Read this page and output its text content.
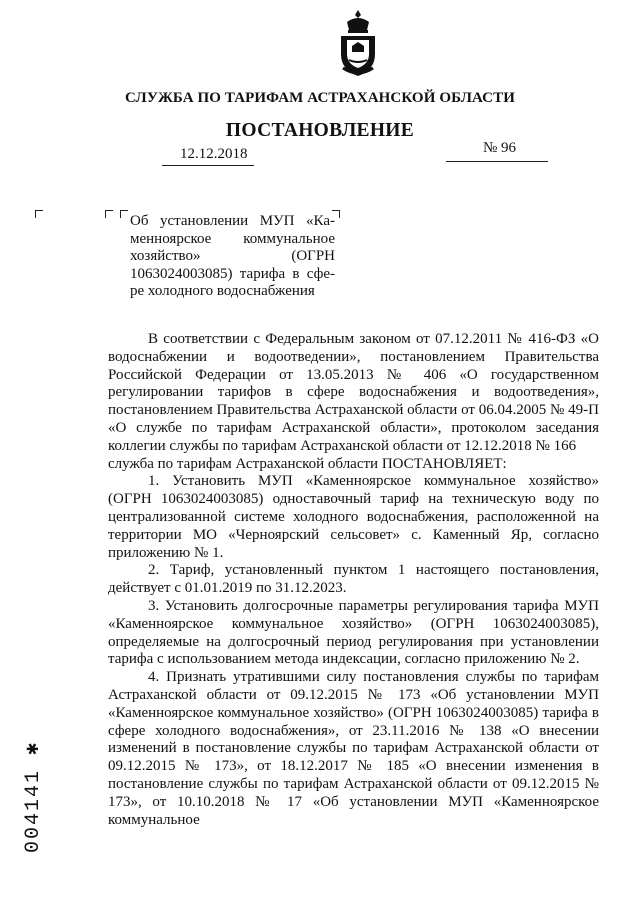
СЛУЖБА ПО ТАРИФАМ АСТРАХАНСКОЙ ОБЛАСТИ
ПОСТАНОВЛЕНИЕ
12.12.2018	№ 96
Об установлении МУП «Ка-
менноярское коммунальное
хозяйство» (ОГРН
1063024003085) тарифа в сфе-
ре холодного водоснабжения

В соответствии с Федеральным законом от 07.12.2011 № 416-ФЗ «О водоснабжении и водоотведении», постановлением Правительства Российской Федерации от 13.05.2013 № 406 «О государственном регулировании тарифов в сфере водоснабжения и водоотведения», постановлением Правительства Астраханской области от 06.04.2005 № 49-П «О службе по тарифам Астраханской области», протоколом заседания коллегии службы по тарифам Астраханской области от 12.12.2018 № 166

служба по тарифам Астраханской области ПОСТАНОВЛЯЕТ:

1. Установить МУП «Каменноярское коммунальное хозяйство» (ОГРН 1063024003085) одноставочный тариф на техническую воду по централизованной системе холодного водоснабжения, расположенной на территории МО «Черноярский сельсовет» с. Каменный Яр, согласно приложению № 1.

2. Тариф, установленный пунктом 1 настоящего постановления, действует с 01.01.2019 по 31.12.2023.

3. Установить долгосрочные параметры регулирования тарифа МУП «Каменноярское коммунальное хозяйство» (ОГРН 1063024003085), определяемые на долгосрочный период регулирования при установлении тарифа с использованием метода индексации, согласно приложению № 2.

4. Признать утратившими силу постановления службы по тарифам Астраханской области от 09.12.2015 № 173 «Об установлении МУП «Каменноярское коммунальное хозяйство» (ОГРН 1063024003085) тарифа в сфере холодного водоснабжения», от 23.11.2016 № 138 «О внесении изменений в постановление службы по тарифам Астраханской области от 09.12.2015 № 173», от 18.12.2017 № 185 «О внесении изменения в постановление службы по тарифам Астраханской области от 09.12.2015 № 173», от 10.10.2018 № 17 «Об установлении МУП «Каменноярское коммунальное

004141 ✱
